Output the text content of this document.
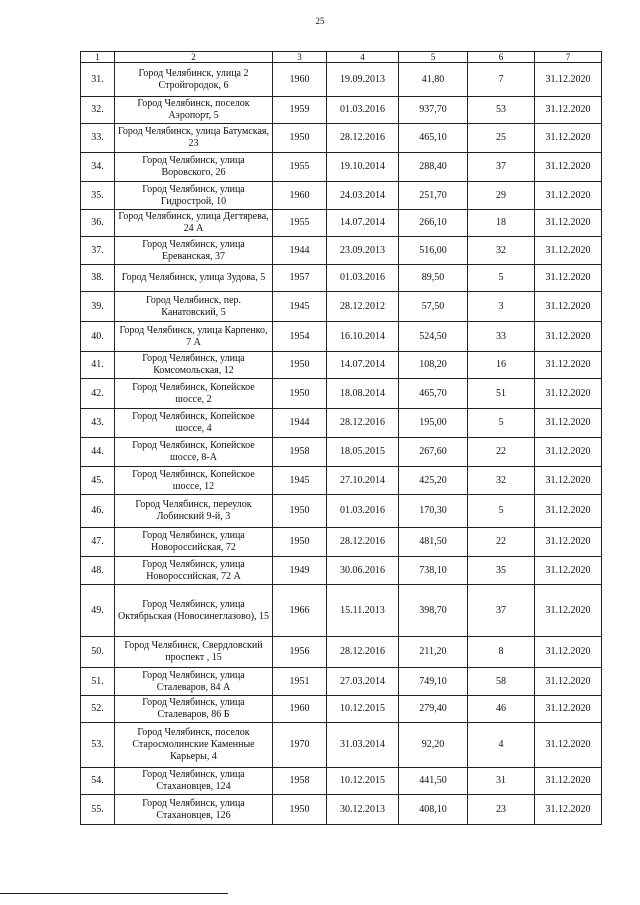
25
1	2	3	4	5	6	7
31.	Город Челябинск, улица 2 Стройгородок, 6	1960	19.09.2013	41,80	7	31.12.2020
32.	Город Челябинск, поселок Аэропорт, 5	1959	01.03.2016	937,70	53	31.12.2020
33.	Город Челябинск, улица Батумская, 23	1950	28.12.2016	465,10	25	31.12.2020
34.	Город Челябинск, улица Воровского, 26	1955	19.10.2014	288,40	37	31.12.2020
35.	Город Челябинск, улица Гидрострой, 10	1960	24.03.2014	251,70	29	31.12.2020
36.	Город Челябинск, улица Дегтярева, 24 А	1955	14.07.2014	266,10	18	31.12.2020
37.	Город Челябинск, улица Ереванская, 37	1944	23.09.2013	516,00	32	31.12.2020
38.	Город Челябинск, улица Зудова, 5	1957	01.03.2016	89,50	5	31.12.2020
39.	Город Челябинск, пер. Канатовский, 5	1945	28.12.2012	57,50	3	31.12.2020
40.	Город Челябинск, улица Карпенко, 7 А	1954	16.10.2014	524,50	33	31.12.2020
41.	Город Челябинск, улица Комсомольская, 12	1950	14.07.2014	108,20	16	31.12.2020
42.	Город Челябинск, Копейское шоссе, 2	1950	18.08.2014	465,70	51	31.12.2020
43.	Город Челябинск, Копейское шоссе, 4	1944	28.12.2016	195,00	5	31.12.2020
44.	Город Челябинск, Копейское шоссе, 8-А	1958	18.05.2015	267,60	22	31.12.2020
45.	Город Челябинск, Копейское шоссе, 12	1945	27.10.2014	425,20	32	31.12.2020
46.	Город Челябинск, переулок Лобинский 9-й, 3	1950	01.03.2016	170,30	5	31.12.2020
47.	Город Челябинск, улица Новороссийская, 72	1950	28.12.2016	481,50	22	31.12.2020
48.	Город Челябинск, улица Новороссийская, 72 А	1949	30.06.2016	738,10	35	31.12.2020
49.	Город Челябинск, улица Октябрьская (Новосинеглазово), 15	1966	15.11.2013	398,70	37	31.12.2020
50.	Город Челябинск, Свердловский проспект , 15	1956	28.12.2016	211,20	8	31.12.2020
51.	Город Челябинск, улица Сталеваров, 84 А	1951	27.03.2014	749,10	58	31.12.2020
52.	Город Челябинск, улица Сталеваров, 86 Б	1960	10.12.2015	279,40	46	31.12.2020
53.	Город Челябинск, поселок Старосмолинские Каменные Карьеры, 4	1970	31.03.2014	92,20	4	31.12.2020
54.	Город Челябинск, улица Стахановцев, 124	1958	10.12.2015	441,50	31	31.12.2020
55.	Город Челябинск, улица Стахановцев, 126	1950	30.12.2013	408,10	23	31.12.2020
